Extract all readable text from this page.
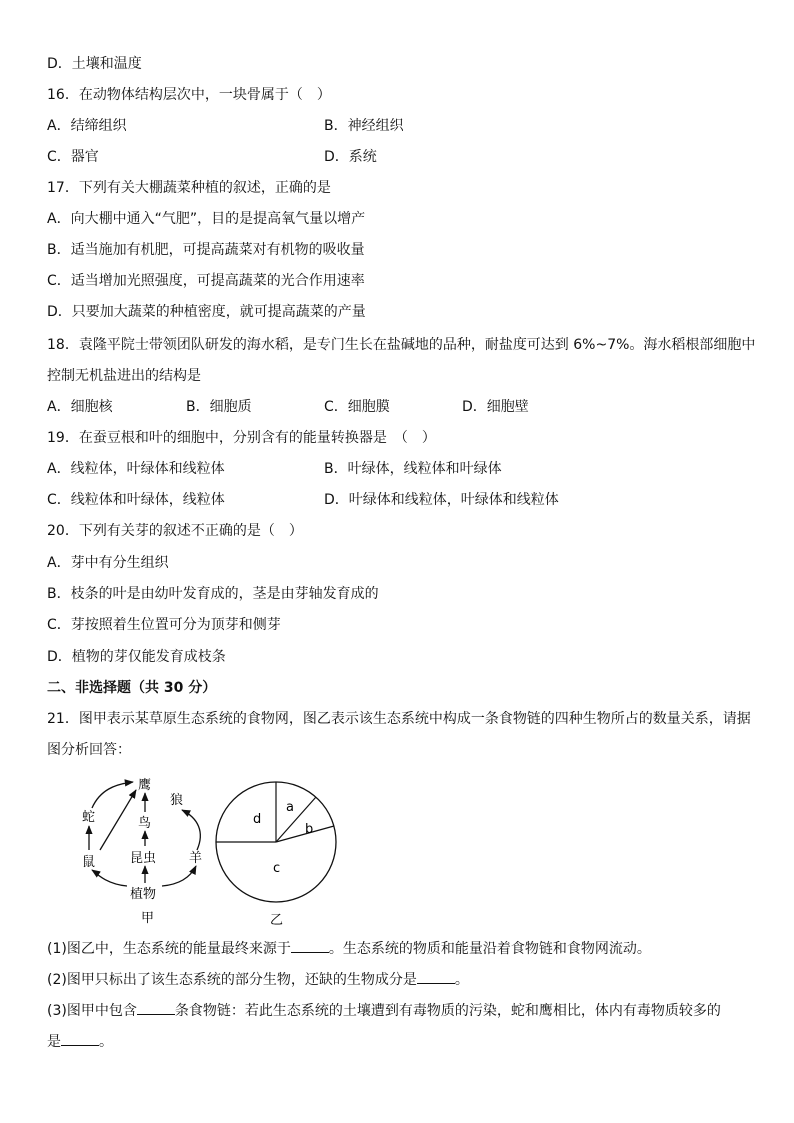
D．土壤和温度
16．在动物体结构层次中，一块骨属于（　）
A．结缔组织	B．神经组织
C．器官	D．系统
17．下列有关大棚蔬菜种植的叙述，正确的是
A．向大棚中通入“气肥”，目的是提高氧气量以增产
B．适当施加有机肥，可提高蔬菜对有机物的吸收量
C．适当增加光照强度，可提高蔬菜的光合作用速率
D．只要加大蔬菜的种植密度，就可提高蔬菜的产量
18．袁隆平院士带领团队研发的海水稻，是专门生长在盐碱地的品种，耐盐度可达到 6%~7%。海水稻根部细胞中
控制无机盐进出的结构是
A．细胞核	B．细胞质	C．细胞膜	D．细胞壁
19．在蚕豆根和叶的细胞中，分别含有的能量转换器是　（　）
A．线粒体，叶绿体和线粒体	B．叶绿体，线粒体和叶绿体
C．线粒体和叶绿体，线粒体	D．叶绿体和线粒体，叶绿体和线粒体
20．下列有关芽的叙述不正确的是（　）
A．芽中有分生组织
B．枝条的叶是由幼叶发育成的，茎是由芽轴发育成的
C．芽按照着生位置可分为顶芽和侧芽
D．植物的芽仅能发育成枝条
二、非选择题（共 30 分）
21．图甲表示某草原生态系统的食物网，图乙表示该生态系统中构成一条食物链的四种生物所占的数量关系，请据
图分析回答：
鹰
狼
蛇	鸟
鼠	昆虫	羊
植物
甲
d
a
b
c
乙
(1)图乙中，生态系统的能量最终来源于	。生态系统的物质和能量沿着食物链和食物网流动。
(2)图甲只标出了该生态系统的部分生物，还缺的生物成分是	。
(3)图甲中包含	条食物链：若此生态系统的土壤遭到有毒物质的污染，蛇和鹰相比，体内有毒物质较多的
是	。
